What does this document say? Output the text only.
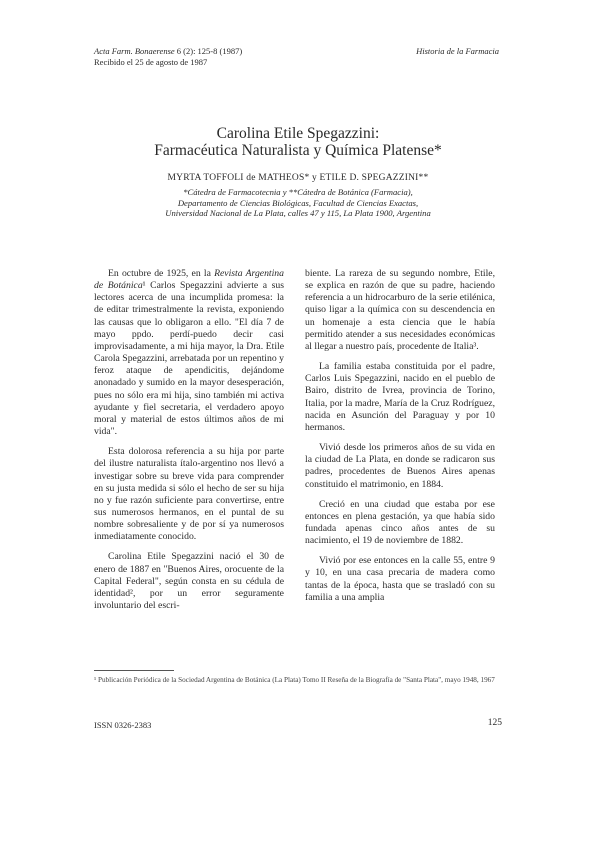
Acta Farm. Bonaerense 6 (2): 125-8 (1987)
Recibido el 25 de agosto de 1987
Historia de la Farmacia
Carolina Etile Spegazzini:
Farmacéutica Naturalista y Química Platense*
MYRTA TOFFOLI de MATHEOS* y ETILE D. SPEGAZZINI**
*Cátedra de Farmacotecnia y **Cátedra de Botánica (Farmacia),
Departamento de Ciencias Biológicas, Facultad de Ciencias Exactas,
Universidad Nacional de La Plata, calles 47 y 115, La Plata 1900, Argentina

En octubre de 1925, en la Revista Argentina de Botánica¹ Carlos Spegazzini advierte a sus lectores acerca de una incumplida promesa: la de editar trimestralmente la revista, exponiendo las causas que lo obligaron a ello. "El día 7 de mayo ppdo. perdí-puedo decir casi improvisadamente, a mi hija mayor, la Dra. Etile Carola Spegazzini, arrebatada por un repentino y feroz ataque de apendicitis, dejándome anonadado y sumido en la mayor desesperación, pues no sólo era mi hija, sino también mi activa ayudante y fiel secretaria, el verdadero apoyo moral y material de estos últimos años de mi vida".

Esta dolorosa referencia a su hija por parte del ilustre naturalista ítalo-argentino nos llevó a investigar sobre su breve vida para comprender en su justa medida si sólo el hecho de ser su hija no y fue razón suficiente para convertirse, entre sus numerosos hermanos, en el puntal de su nombre sobresaliente y de por sí ya numerosos inmediatamente conocido.

Carolina Etile Spegazzini nació el 30 de enero de 1887 en "Buenos Aires, orocuente de la Capital Federal", según consta en su cédula de identidad², por un error seguramente involuntario del escri-

biente. La rareza de su segundo nombre, Etile, se explica en razón de que su padre, haciendo referencia a un hidrocarburo de la serie etilénica, quiso ligar a la química con su descendencia en un homenaje a esta ciencia que le había permitido atender a sus necesidades económicas al llegar a nuestro país, procedente de Italia³.

La familia estaba constituida por el padre, Carlos Luis Spegazzini, nacido en el pueblo de Bairo, distrito de Ivrea, provincia de Torino, Italia, por la madre, María de la Cruz Rodríguez, nacida en Asunción del Paraguay y por 10 hermanos.

Vivió desde los primeros años de su vida en la ciudad de La Plata, en donde se radicaron sus padres, procedentes de Buenos Aires apenas constituido el matrimonio, en 1884.

Creció en una ciudad que estaba por ese entonces en plena gestación, ya que había sido fundada apenas cinco años antes de su nacimiento, el 19 de noviembre de 1882.

Vivió por ese entonces en la calle 55, entre 9 y 10, en una casa precaria de madera como tantas de la época, hasta que se trasladó con su familia a una amplia

¹ Publicación Periódica de la Sociedad Argentina de Botánica (La Plata) Tomo II Reseña de la Biografía de "Santa Plata", mayo 1948, 1967
ISSN 0326-2383	125
